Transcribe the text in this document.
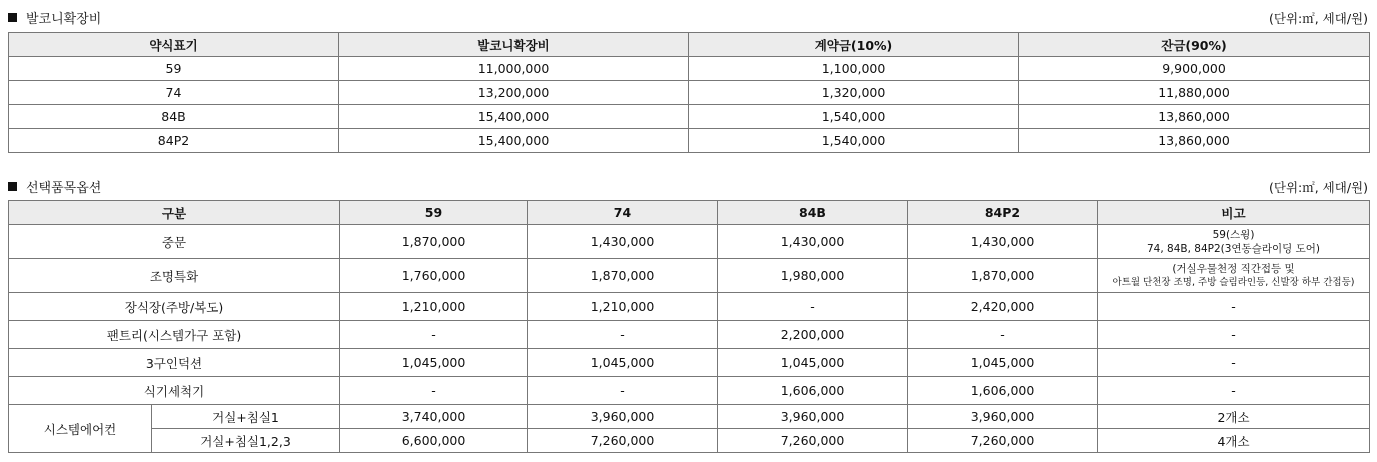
발코니확장비	(단위:㎡, 세대/원)
약식표기	발코니확장비	계약금(10%)	잔금(90%)
59	11,000,000	1,100,000	9,900,000
74	13,200,000	1,320,000	11,880,000
84B	15,400,000	1,540,000	13,860,000
84P2	15,400,000	1,540,000	13,860,000
선택품목옵션	(단위:㎡, 세대/원)
구분		59	74	84B	84P2	비고
중문		1,870,000	1,430,000	1,430,000	1,430,000	59(스윙)
74, 84B, 84P2(3연동슬라이딩 도어)

조명특화		1,760,000	1,870,000	1,980,000	1,870,000	(거실우물천정 직간접등 및
아트월 단천장 조명, 주방 슬림라인등, 신발장 하부 간접등)

장식장(주방/복도)		1,210,000	1,210,000	-	2,420,000	-
팬트리(시스템가구 포함)		-	-	2,200,000	-	-
3구인덕션		1,045,000	1,045,000	1,045,000	1,045,000	-
식기세척기		-	-	1,606,000	1,606,000	-
시스템에어컨	거실+침실1	3,740,000	3,960,000	3,960,000	3,960,000	2개소
	거실+침실1,2,3	6,600,000	7,260,000	7,260,000	7,260,000	4개소
